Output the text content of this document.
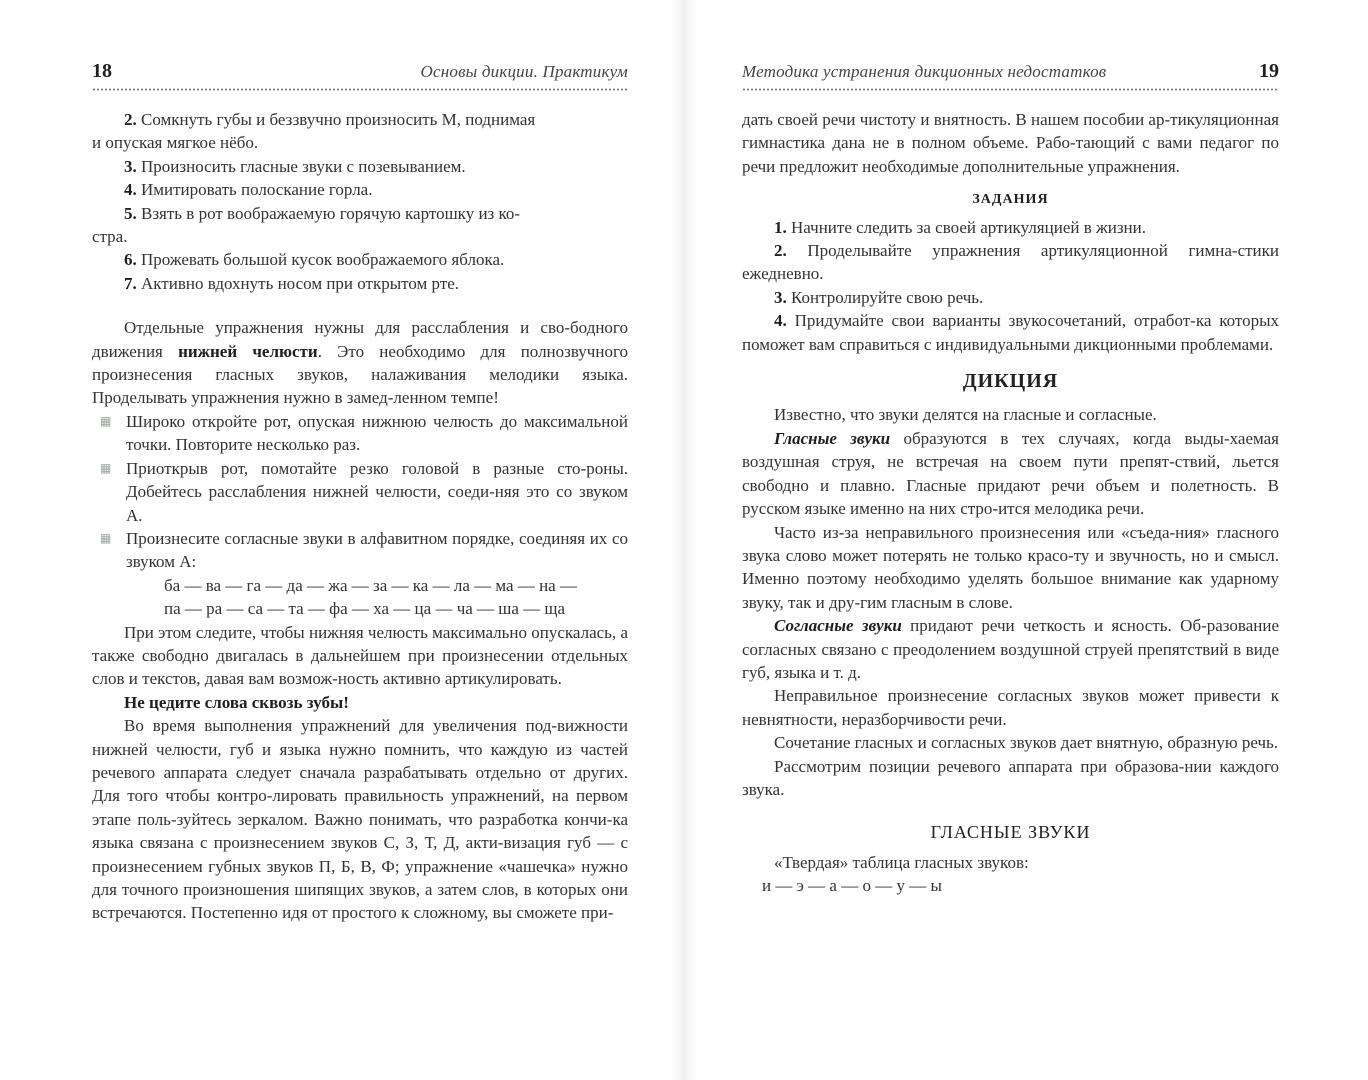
18	Основы дикции. Практикум

2. Сомкнуть губы и беззвучно произносить М, поднимая

и опуская мягкое нёбо.

3. Произносить гласные звуки с позевыванием.

4. Имитировать полоскание горла.

5. Взять в рот воображаемую горячую картошку из ко-

стра.

6. Прожевать большой кусок воображаемого яблока.

7. Активно вдохнуть носом при открытом рте.

Отдельные упражнения нужны для расслабления и сво-бодного движения нижней челюсти. Это необходимо для полнозвучного произнесения гласных звуков, налаживания мелодики языка. Проделывать упражнения нужно в замед-ленном темпе!

▦ Широко откройте рот, опуская нижнюю челюсть до максимальной точки. Повторите несколько раз.

▦ Приоткрыв рот, помотайте резко головой в разные сто-роны. Добейтесь расслабления нижней челюсти, соеди-няя это со звуком А.

▦ Произнесите согласные звуки в алфавитном порядке, соединяя их со звуком А:

ба — ва — га — да — жа — за — ка — ла — ма — на —

па — ра — са — та — фа — ха — ца — ча — ша — ща

При этом следите, чтобы нижняя челюсть максимально опускалась, а также свободно двигалась в дальнейшем при произнесении отдельных слов и текстов, давая вам возмож-ность активно артикулировать.

Не цедите слова сквозь зубы!

Во время выполнения упражнений для увеличения под-вижности нижней челюсти, губ и языка нужно помнить, что каждую из частей речевого аппарата следует сначала разрабатывать отдельно от других. Для того чтобы контро-лировать правильность упражнений, на первом этапе поль-зуйтесь зеркалом. Важно понимать, что разработка кончи-ка языка связана с произнесением звуков С, З, Т, Д, акти-визация губ — с произнесением губных звуков П, Б, В, Ф; упражнение «чашечка» нужно для точного произношения шипящих звуков, а затем слов, в которых они встречаются. Постепенно идя от простого к сложному, вы сможете при-

Методика устранения дикционных недостатков	19

дать своей речи чистоту и внятность. В нашем пособии ар-тикуляционная гимнастика дана не в полном объеме. Рабо-тающий с вами педагог по речи предложит необходимые дополнительные упражнения.

ЗАДАНИЯ

1. Начните следить за своей артикуляцией в жизни.

2. Проделывайте упражнения артикуляционной гимна-стики ежедневно.

3. Контролируйте свою речь.

4. Придумайте свои варианты звукосочетаний, отработ-ка которых поможет вам справиться с индивидуальными дикционными проблемами.

ДИКЦИЯ

Известно, что звуки делятся на гласные и согласные.

Гласные звуки образуются в тех случаях, когда выды-хаемая воздушная струя, не встречая на своем пути препят-ствий, льется свободно и плавно. Гласные придают речи объем и полетность. В русском языке именно на них стро-ится мелодика речи.

Часто из-за неправильного произнесения или «съеда-ния» гласного звука слово может потерять не только красо-ту и звучность, но и смысл. Именно поэтому необходимо уделять большое внимание как ударному звуку, так и дру-гим гласным в слове.

Согласные звуки придают речи четкость и ясность. Об-разование согласных связано с преодолением воздушной струей препятствий в виде губ, языка и т. д.

Неправильное произнесение согласных звуков может привести к невнятности, неразборчивости речи.

Сочетание гласных и согласных звуков дает внятную, образную речь.

Рассмотрим позиции речевого аппарата при образова-нии каждого звука.

ГЛАСНЫЕ ЗВУКИ

«Твердая» таблица гласных звуков:

и — э — а — о — у — ы
